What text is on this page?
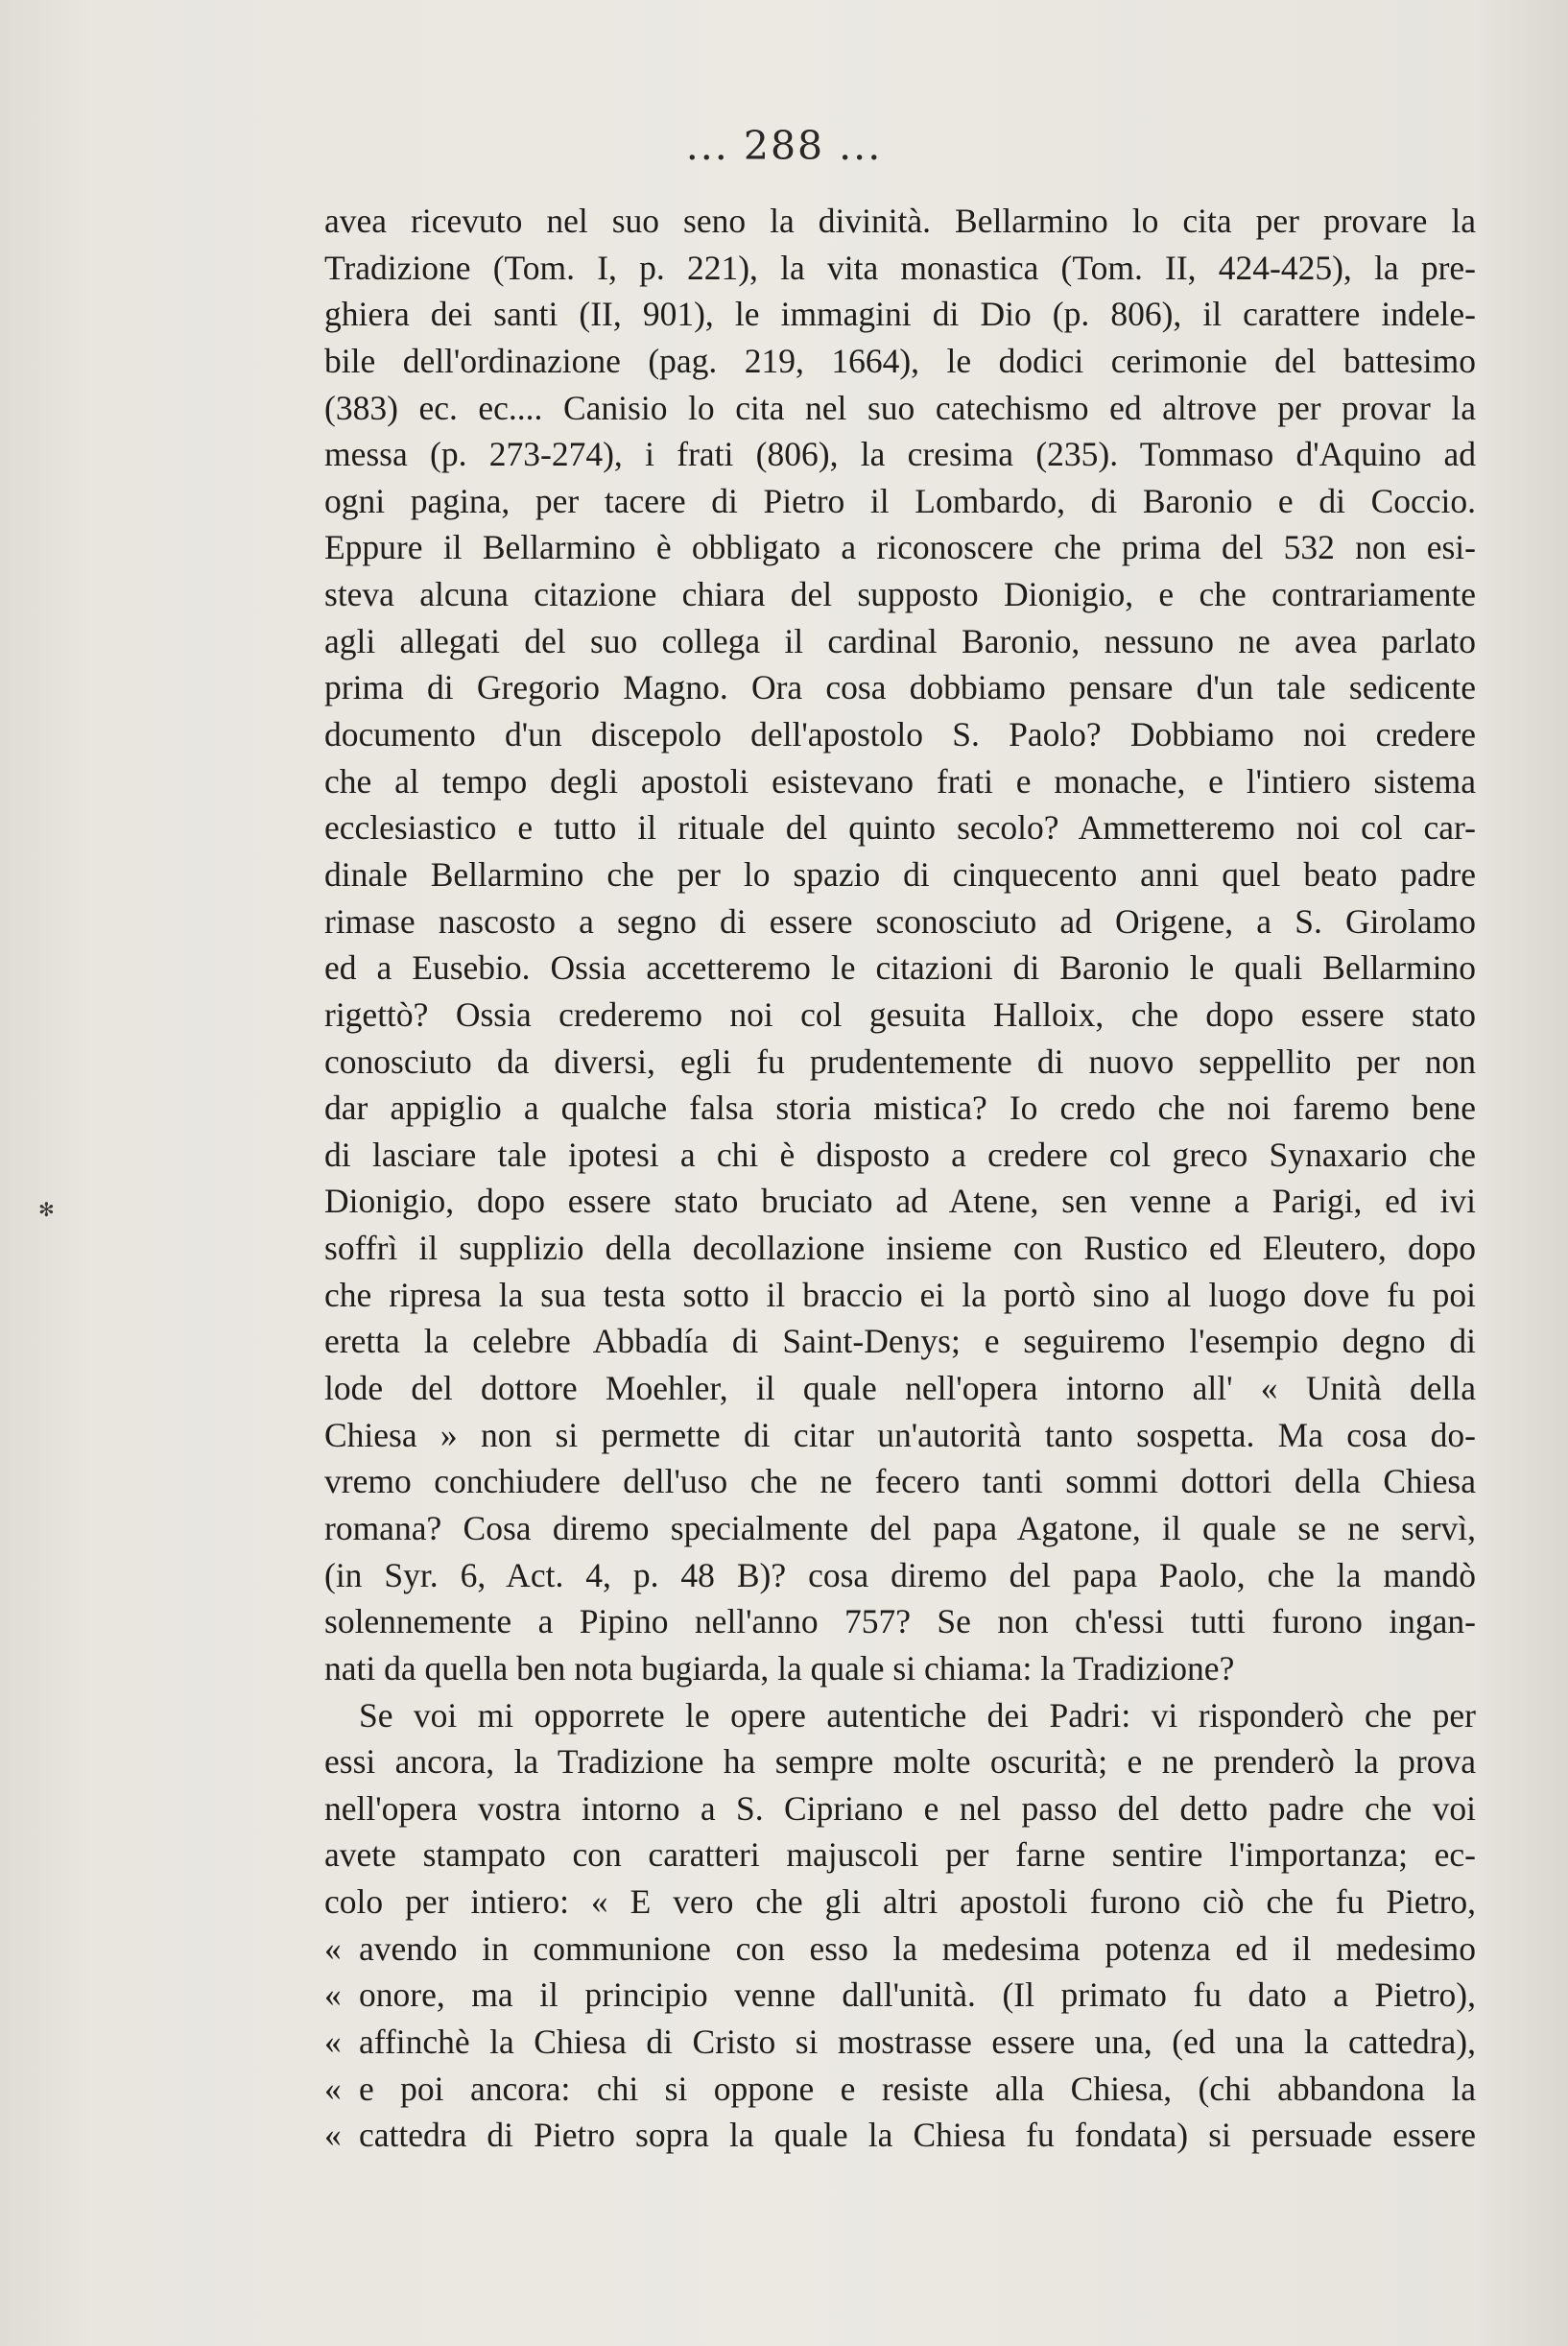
... 288 ...
✻
avea ricevuto nel suo seno la divinità. Bellarmino lo cita per provare la
Tradizione (Tom. I, p. 221), la vita monastica (Tom. II, 424-425), la pre-
ghiera dei santi (II, 901), le immagini di Dio (p. 806), il carattere indele-
bile dell'ordinazione (pag. 219, 1664), le dodici cerimonie del battesimo
(383) ec. ec.... Canisio lo cita nel suo catechismo ed altrove per provar la
messa (p. 273-274), i frati (806), la cresima (235). Tommaso d'Aquino ad
ogni pagina, per tacere di Pietro il Lombardo, di Baronio e di Coccio.
Eppure il Bellarmino è obbligato a riconoscere che prima del 532 non esi-
steva alcuna citazione chiara del supposto Dionigio, e che contrariamente
agli allegati del suo collega il cardinal Baronio, nessuno ne avea parlato
prima di Gregorio Magno. Ora cosa dobbiamo pensare d'un tale sedicente
documento d'un discepolo dell'apostolo S. Paolo? Dobbiamo noi credere
che al tempo degli apostoli esistevano frati e monache, e l'intiero sistema
ecclesiastico e tutto il rituale del quinto secolo? Ammetteremo noi col car-
dinale Bellarmino che per lo spazio di cinquecento anni quel beato padre
rimase nascosto a segno di essere sconosciuto ad Origene, a S. Girolamo
ed a Eusebio. Ossia accetteremo le citazioni di Baronio le quali Bellarmino
rigettò? Ossia crederemo noi col gesuita Halloix, che dopo essere stato
conosciuto da diversi, egli fu prudentemente di nuovo seppellito per non
dar appiglio a qualche falsa storia mistica? Io credo che noi faremo bene
di lasciare tale ipotesi a chi è disposto a credere col greco Synaxario che
Dionigio, dopo essere stato bruciato ad Atene, sen venne a Parigi, ed ivi
soffrì il supplizio della decollazione insieme con Rustico ed Eleutero, dopo
che ripresa la sua testa sotto il braccio ei la portò sino al luogo dove fu poi
eretta la celebre Abbadía di Saint-Denys; e seguiremo l'esempio degno di
lode del dottore Moehler, il quale nell'opera intorno all' « Unità della
Chiesa » non si permette di citar un'autorità tanto sospetta. Ma cosa do-
vremo conchiudere dell'uso che ne fecero tanti sommi dottori della Chiesa
romana? Cosa diremo specialmente del papa Agatone, il quale se ne servì,
(in Syr. 6, Act. 4, p. 48 B)? cosa diremo del papa Paolo, che la mandò
solennemente a Pipino nell'anno 757? Se non ch'essi tutti furono ingan-
nati da quella ben nota bugiarda, la quale si chiama: la Tradizione?
Se voi mi opporrete le opere autentiche dei Padri: vi risponderò che per
essi ancora, la Tradizione ha sempre molte oscurità; e ne prenderò la prova
nell'opera vostra intorno a S. Cipriano e nel passo del detto padre che voi
avete stampato con caratteri majuscoli per farne sentire l'importanza; ec-
colo per intiero: « E vero che gli altri apostoli furono ciò che fu Pietro,
« avendo in communione con esso la medesima potenza ed il medesimo
« onore, ma il principio venne dall'unità. (Il primato fu dato a Pietro),
« affinchè la Chiesa di Cristo si mostrasse essere una, (ed una la cattedra),
« e poi ancora: chi si oppone e resiste alla Chiesa, (chi abbandona la
« cattedra di Pietro sopra la quale la Chiesa fu fondata) si persuade essere
